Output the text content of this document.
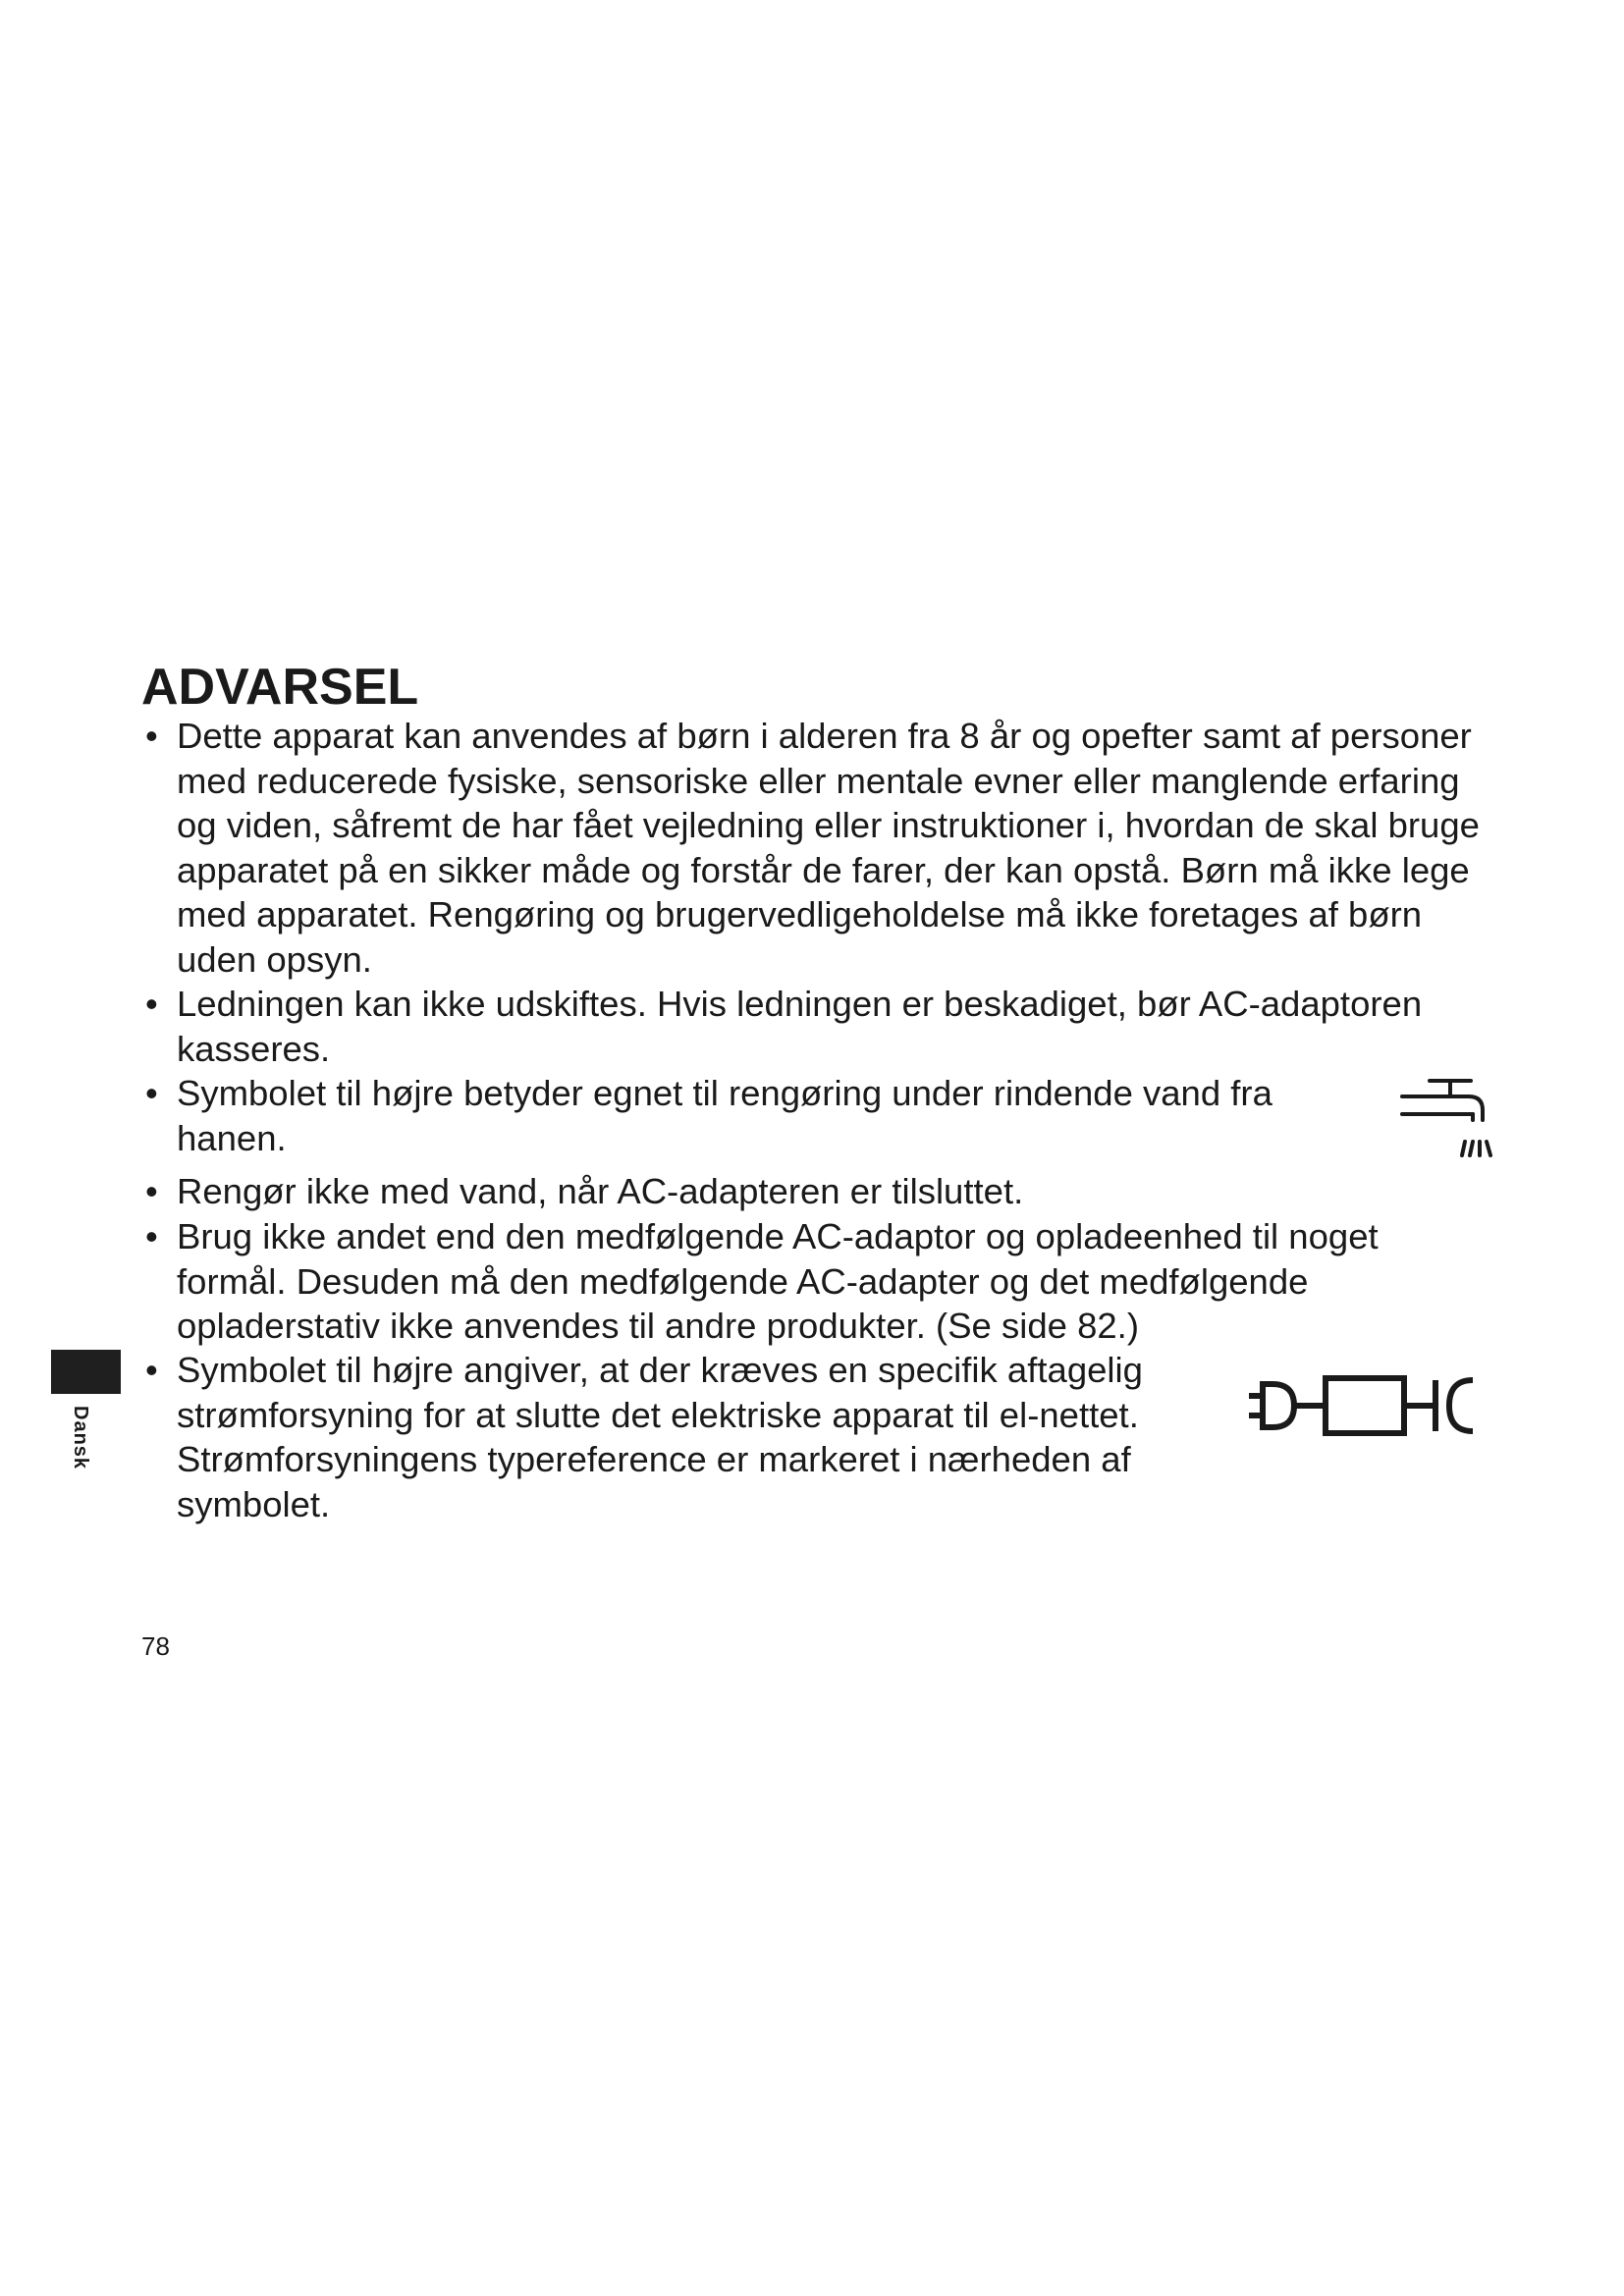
ADVARSEL
• Dette apparat kan anvendes af børn i alderen fra 8 år og opefter samt af personer med reducerede fysiske, sensoriske eller mentale evner eller manglende erfaring og viden, såfremt de har fået vejledning eller instruktioner i, hvordan de skal bruge apparatet på en sikker måde og forstår de farer, der kan opstå. Børn må ikke lege med apparatet. Rengøring og brugervedligeholdelse må ikke foretages af børn uden opsyn.
• Ledningen kan ikke udskiftes. Hvis ledningen er beskadiget, bør AC-adaptoren kasseres.
• Symbolet til højre betyder egnet til rengøring under rindende vand fra hanen.
• Rengør ikke med vand, når AC-adapteren er tilsluttet.
• Brug ikke andet end den medfølgende AC-adaptor og opladeenhed til noget formål. Desuden må den medfølgende AC-adapter og det medfølgende opladerstativ ikke anvendes til andre produkter. (Se side 82.)
• Symbolet til højre angiver, at der kræves en specifik aftagelig strømforsyning for at slutte det elektriske apparat til el-nettet. Strømforsyningens typereference er markeret i nærheden af symbolet.
Dansk
78
